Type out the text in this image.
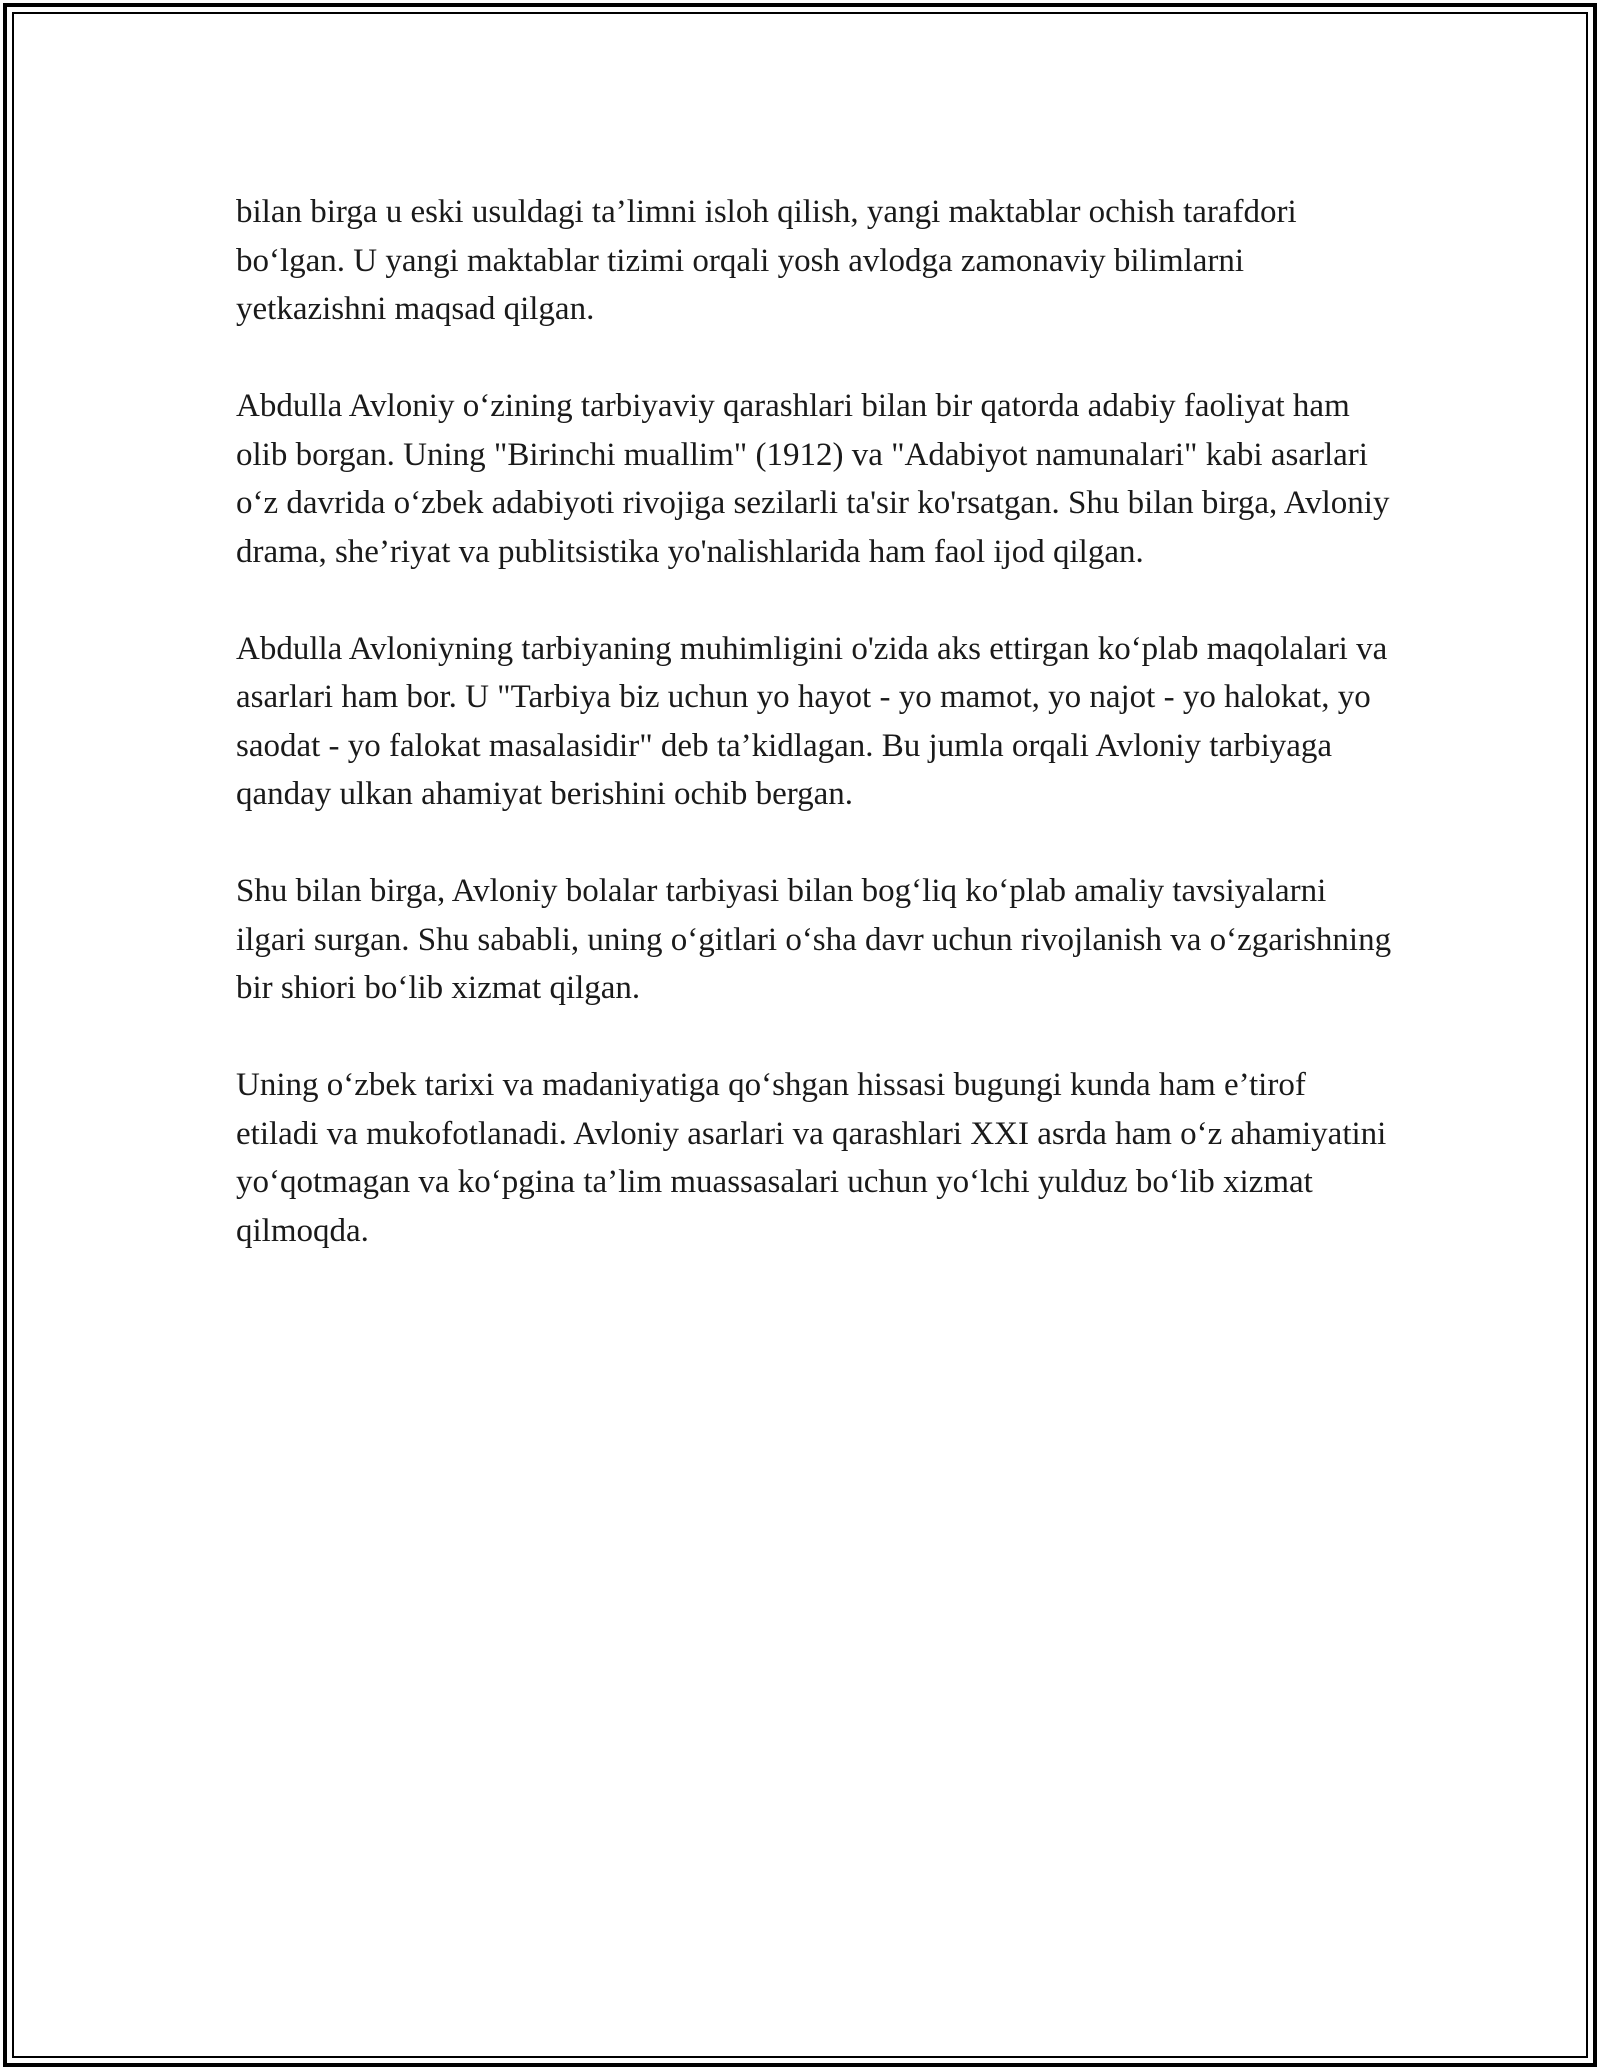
bilan birga u eski usuldagi ta’limni isloh qilish, yangi maktablar ochish tarafdori bo‘lgan. U yangi maktablar tizimi orqali yosh avlodga zamonaviy bilimlarni yetkazishni maqsad qilgan.

Abdulla Avloniy o‘zining tarbiyaviy qarashlari bilan bir qatorda adabiy faoliyat ham olib borgan. Uning "Birinchi muallim" (1912) va "Adabiyot namunalari" kabi asarlari o‘z davrida o‘zbek adabiyoti rivojiga sezilarli ta'sir ko'rsatgan. Shu bilan birga, Avloniy drama, she’riyat va publitsistika yo'nalishlarida ham faol ijod qilgan.

Abdulla Avloniyning tarbiyaning muhimligini o'zida aks ettirgan ko‘plab maqolalari va asarlari ham bor. U "Tarbiya biz uchun yo hayot - yo mamot, yo najot - yo halokat, yo saodat - yo falokat masalasidir" deb ta’kidlagan. Bu jumla orqali Avloniy tarbiyaga qanday ulkan ahamiyat berishini ochib bergan.

Shu bilan birga, Avloniy bolalar tarbiyasi bilan bog‘liq ko‘plab amaliy tavsiyalarni ilgari surgan. Shu sababli, uning o‘gitlari o‘sha davr uchun rivojlanish va o‘zgarishning bir shiori bo‘lib xizmat qilgan.

Uning o‘zbek tarixi va madaniyatiga qo‘shgan hissasi bugungi kunda ham e’tirof etiladi va mukofotlanadi. Avloniy asarlari va qarashlari XXI asrda ham o‘z ahamiyatini yo‘qotmagan va ko‘pgina ta’lim muassasalari uchun yo‘lchi yulduz bo‘lib xizmat qilmoqda.
